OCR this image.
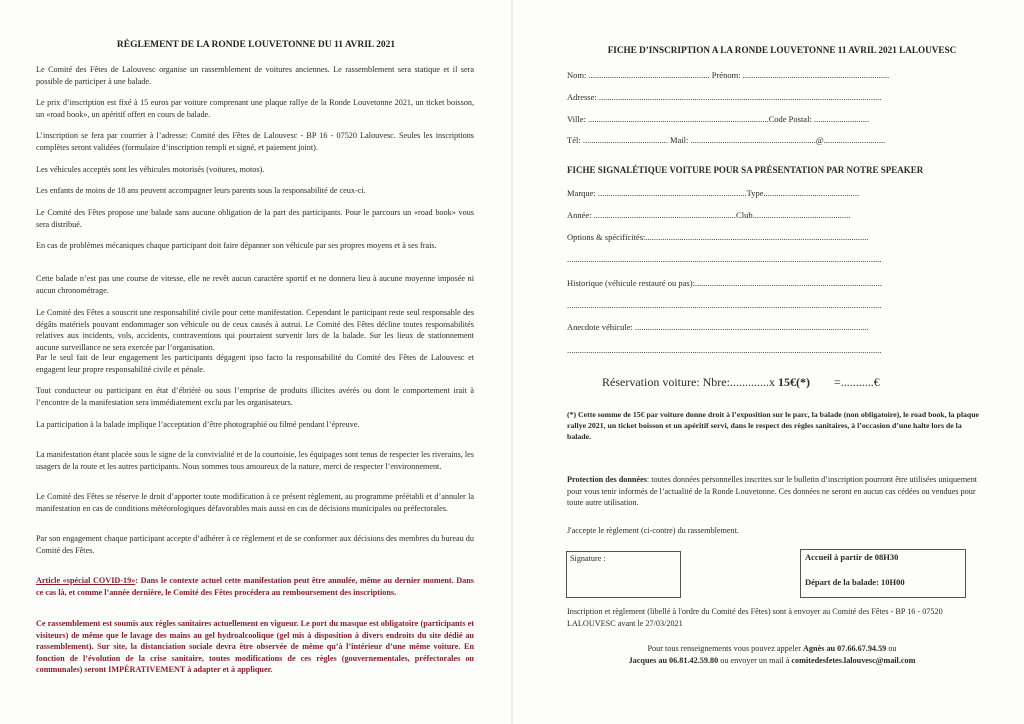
RÈGLEMENT DE LA RONDE LOUVETONNE DU 11 AVRIL 2021

Le Comité des Fêtes de Lalouvesc organise un rassemblement de voitures anciennes. Le rassemblement sera statique et il sera possible de participer à une balade.

Le prix d’inscription est fixé à 15 euros par voiture comprenant une plaque rallye de la Ronde Louvetonne 2021, un ticket boisson, un «road book», un apéritif offert en cours de balade.

L’inscription se fera par courrier à l’adresse: Comité des Fêtes de Lalouvesc - BP 16 - 07520 Lalouvesc. Seules les inscriptions complètes seront validées (formulaire d’inscription rempli et signé, et paiement joint).

Les véhicules acceptés sont les véhicules motorisés (voitures, motos).

Les enfants de moins de 18 ans peuvent accompagner leurs parents sous la responsabilité de ceux-ci.

Le Comité des Fêtes propose une balade sans aucune obligation de la part des participants. Pour le parcours un «road book» vous sera distribué.

En cas de problèmes mécaniques chaque participant doit faire dépanner son véhicule par ses propres moyens et à ses frais.

Cette balade n’est pas une course de vitesse, elle ne revêt aucun caractère sportif et ne donnera lieu à aucune moyenne imposée ni aucun chronométrage.

Le Comité des Fêtes a souscrit une responsabilité civile pour cette manifestation. Cependant le participant reste seul responsable des dégâts matériels pouvant endommager son véhicule ou de ceux causés à autrui. Le Comité des Fêtes décline toutes responsabilités relatives aux incidents, vols, accidents, contraventions qui pourraient survenir lors de la balade. Sur les lieux de stationnement aucune surveillance ne sera exercée par l’organisation.

Par le seul fait de leur engagement les participants dégagent ipso facto la responsabilité du Comité des Fêtes de Lalouvesc et engagent leur propre responsabilité civile et pénale.

Tout conducteur ou participant en état d’ébriété ou sous l’emprise de produits illicites avérés ou dont le comportement irait à l’encontre de la manifestation sera immédiatement exclu par les organisateurs.

La participation à la balade implique l’acceptation d’être photographié ou filmé pendant l’épreuve.

La manifestation étant placée sous le signe de la convivialité et de la courtoisie, les équipages sont tenus de respecter les riverains, les usagers de la route et les autres participants. Nous sommes tous amoureux de la nature, merci de respecter l’environnement.

Le Comité des Fêtes se réserve le droit d’apporter toute modification à ce présent règlement, au programme préétabli et d’annuler la manifestation en cas de conditions météorologiques défavorables mais aussi en cas de décisions municipales ou préfectorales.

Par son engagement chaque participant accepte d’adhérer à ce règlement et de se conformer aux décisions des membres du bureau du Comité des Fêtes.

Article «spécial COVID-19»: Dans le contexte actuel cette manifestation peut être annulée, même au dernier moment. Dans ce cas là, et comme l’année dernière, le Comité des Fêtes procédera au remboursement des inscriptions.

Ce rassemblement est soumis aux règles sanitaires actuellement en vigueur. Le port du masque est obligatoire (participants et visiteurs) de même que le lavage des mains au gel hydroalcoolique (gel mis à disposition à divers endroits du site dédié au rassemblement). Sur site, la distanciation sociale devra être observée de même qu’à l’intérieur d’une même voiture. En fonction de l’évolution de la crise sanitaire, toutes modifications de ces règles (gouvernementales, préfectorales ou communales) seront IMPÉRATIVEMENT à adapter et à appliquer.

FICHE D’INSCRIPTION A LA RONDE LOUVETONNE 11 AVRIL 2021 LALOUVESC
Nom: ......................................................... Prénom: .....................................................................
Adresse: .....................................................................................................................................
Ville: .....................................................................................Code Postal: ..........................
Tél: ........................................ Mail: ...........................................................@.............................
FICHE SIGNALÉTIQUE VOITURE POUR SA PRÉSENTATION PAR NOTRE SPEAKER
Marque: ......................................................................Type.............................................
Année: ...................................................................Club..............................................
Options & spécificités:.........................................................................................................
....................................................................................................................................................
Historique (véhicule restauré ou pas):........................................................................................
....................................................................................................................................................
Anecdote véhicule: ..............................................................................................................
....................................................................................................................................................
Réservation voiture: Nbre:.............x 15€(*)        =...........€
(*) Cette somme de 15€ par voiture donne droit à l’exposition sur le parc, la balade (non obligatoire), le road book, la plaque rallye 2021, un ticket boisson et un apéritif servi, dans le respect des règles sanitaires, à l’occasion d’une halte lors de la balade.
Protection des données: toutes données personnelles inscrites sur le bulletin d’inscription pourront être utilisées uniquement pour vous tenir informés de l’actualité de la Ronde Louvetonne. Ces données ne seront en aucun cas cédées ou vendues pour toute autre utilisation.
J'accepte le règlement (ci-contre) du rassemblement.
Signature :	Accueil à partir de 08H30
Départ de la balade: 10H00
Inscription et règlement (libellé à l'ordre du Comité des Fêtes) sont à envoyer au Comité des Fêtes - BP 16 - 07520 LALOUVESC avant le 27/03/2021
Pour tous renseignements vous pouvez appeler Agnès au 07.66.67.94.59 ou
Jacques au 06.81.42.59.80 ou envoyer un mail à comitedesfetes.lalouvesc@mail.com
